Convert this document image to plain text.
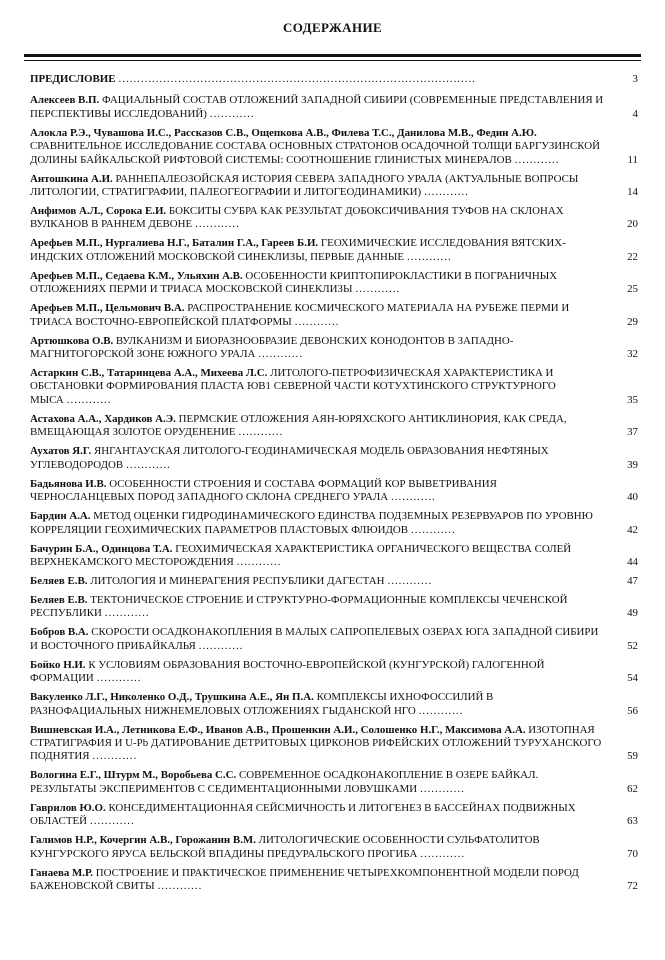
СОДЕРЖАНИЕ
ПРЕДИСЛОВИЕ ................................................................................................	3
Алексеев В.П. ФАЦИАЛЬНЫЙ СОСТАВ ОТЛОЖЕНИЙ ЗАПАДНОЙ СИБИРИ (СОВРЕМЕННЫЕ ПРЕДСТАВЛЕНИЯ И ПЕРСПЕКТИВЫ ИССЛЕДОВАНИЙ) ............	4
Алокла Р.Э., Чувашова И.С., Рассказов С.В., Ощепкова А.В., Филева Т.С., Данилова М.В., Федин А.Ю. СРАВНИТЕЛЬНОЕ ИССЛЕДОВАНИЕ СОСТАВА ОСНОВНЫХ СТРАТОНОВ ОСАДОЧНОЙ ТОЛЩИ БАРГУЗИНСКОЙ ДОЛИНЫ БАЙКАЛЬСКОЙ РИФТОВОЙ СИСТЕМЫ: СООТНОШЕНИЕ ГЛИНИСТЫХ МИНЕРАЛОВ ............	11
Антошкина А.И. РАННЕПАЛЕОЗОЙСКАЯ ИСТОРИЯ СЕВЕРА ЗАПАДНОГО УРАЛА (АКТУАЛЬНЫЕ ВОПРОСЫ ЛИТОЛОГИИ, СТРАТИГРАФИИ, ПАЛЕОГЕОГРАФИИ И ЛИТОГЕОДИНАМИКИ) ............	14
Анфимов А.Л., Сорока Е.И. БОКСИТЫ СУБРА КАК РЕЗУЛЬТАТ ДОБОКСИЧИВАНИЯ ТУФОВ НА СКЛОНАХ ВУЛКАНОВ В РАННЕМ ДЕВОНЕ ............	20
Арефьев М.П., Нургалиева Н.Г., Баталин Г.А., Гареев Б.И. ГЕОХИМИЧЕСКИЕ ИССЛЕДОВАНИЯ ВЯТСКИХ-ИНДСКИХ ОТЛОЖЕНИЙ МОСКОВСКОЙ СИНЕКЛИЗЫ, ПЕРВЫЕ ДАННЫЕ ............	22
Арефьев М.П., Седаева К.М., Ульяхин А.В. ОСОБЕННОСТИ КРИПТОПИРОКЛАСТИКИ В ПОГРАНИЧНЫХ ОТЛОЖЕНИЯХ ПЕРМИ И ТРИАСА МОСКОВСКОЙ СИНЕКЛИЗЫ ............	25
Арефьев М.П., Цельмович В.А. РАСПРОСТРАНЕНИЕ КОСМИЧЕСКОГО МАТЕРИАЛА НА РУБЕЖЕ ПЕРМИ И ТРИАСА ВОСТОЧНО-ЕВРОПЕЙСКОЙ ПЛАТФОРМЫ ............	29
Артюшкова О.В. ВУЛКАНИЗМ И БИОРАЗНООБРАЗИЕ ДЕВОНСКИХ КОНОДОНТОВ В ЗАПАДНО-МАГНИТОГОРСКОЙ ЗОНЕ ЮЖНОГО УРАЛА ............	32
Астаркин С.В., Татаринцева А.А., Михеева Л.С. ЛИТОЛОГО-ПЕТРОФИЗИЧЕСКАЯ ХАРАКТЕРИСТИКА И ОБСТАНОВКИ ФОРМИРОВАНИЯ ПЛАСТА ЮВ1 СЕВЕРНОЙ ЧАСТИ КОТУХТИНСКОГО СТРУКТУРНОГО МЫСА ............	35
Астахова А.А., Хардиков А.Э. ПЕРМСКИЕ ОТЛОЖЕНИЯ АЯН-ЮРЯХСКОГО АНТИКЛИНОРИЯ, КАК СРЕДА, ВМЕЩАЮЩАЯ ЗОЛОТОЕ ОРУДЕНЕНИЕ ............	37
Аухатов Я.Г. ЯНГАНТАУСКАЯ ЛИТОЛОГО-ГЕОДИНАМИЧЕСКАЯ МОДЕЛЬ ОБРАЗОВАНИЯ НЕФТЯНЫХ УГЛЕВОДОРОДОВ ............	39
Бадьянова И.В. ОСОБЕННОСТИ СТРОЕНИЯ И СОСТАВА ФОРМАЦИЙ КОР ВЫВЕТРИВАНИЯ ЧЕРНОСЛАНЦЕВЫХ ПОРОД ЗАПАДНОГО СКЛОНА СРЕДНЕГО УРАЛА ............	40
Бардин А.А. МЕТОД ОЦЕНКИ ГИДРОДИНАМИЧЕСКОГО ЕДИНСТВА ПОДЗЕМНЫХ РЕЗЕРВУАРОВ ПО УРОВНЮ КОРРЕЛЯЦИИ ГЕОХИМИЧЕСКИХ ПАРАМЕТРОВ ПЛАСТОВЫХ ФЛЮИДОВ ............	42
Бачурин Б.А., Одинцова Т.А. ГЕОХИМИЧЕСКАЯ ХАРАКТЕРИСТИКА ОРГАНИЧЕСКОГО ВЕЩЕСТВА СОЛЕЙ ВЕРХНЕКАМСКОГО МЕСТОРОЖДЕНИЯ ............	44
Беляев Е.В. ЛИТОЛОГИЯ И МИНЕРАГЕНИЯ РЕСПУБЛИКИ ДАГЕСТАН ............	47
Беляев Е.В. ТЕКТОНИЧЕСКОЕ СТРОЕНИЕ И СТРУКТУРНО-ФОРМАЦИОННЫЕ КОМПЛЕКСЫ ЧЕЧЕНСКОЙ РЕСПУБЛИКИ ............	49
Бобров В.А. СКОРОСТИ ОСАДКОНАКОПЛЕНИЯ В МАЛЫХ САПРОПЕЛЕВЫХ ОЗЕРАХ ЮГА ЗАПАДНОЙ СИБИРИ И ВОСТОЧНОГО ПРИБАЙКАЛЬЯ ............	52
Бойко Н.И. К УСЛОВИЯМ ОБРАЗОВАНИЯ ВОСТОЧНО-ЕВРОПЕЙСКОЙ (КУНГУРСКОЙ) ГАЛОГЕННОЙ ФОРМАЦИИ ............	54
Вакуленко Л.Г., Николенко О.Д., Трушкина А.Е., Ян П.А. КОМПЛЕКСЫ ИХНОФОССИЛИЙ В РАЗНОФАЦИАЛЬНЫХ НИЖНЕМЕЛОВЫХ ОТЛОЖЕНИЯХ ГЫДАНСКОЙ НГО ............	56
Вишневская И.А., Летникова Е.Ф., Иванов А.В., Прошенкин А.И., Солошенко Н.Г., Максимова А.А. ИЗОТОПНАЯ СТРАТИГРАФИЯ И U-Pb ДАТИРОВАНИЕ ДЕТРИТОВЫХ ЦИРКОНОВ РИФЕЙСКИХ ОТЛОЖЕНИЙ ТУРУХАНСКОГО ПОДНЯТИЯ ............	59
Вологина Е.Г., Штурм М., Воробьева С.С. СОВРЕМЕННОЕ ОСАДКОНАКОПЛЕНИЕ В ОЗЕРЕ БАЙКАЛ. РЕЗУЛЬТАТЫ ЭКСПЕРИМЕНТОВ С СЕДИМЕНТАЦИОННЫМИ ЛОВУШКАМИ ............	62
Гаврилов Ю.О. КОНСЕДИМЕНТАЦИОННАЯ СЕЙСМИЧНОСТЬ И ЛИТОГЕНЕЗ В БАССЕЙНАХ ПОДВИЖНЫХ ОБЛАСТЕЙ ............	63
Галимов Н.Р., Кочергин А.В., Горожанин В.М. ЛИТОЛОГИЧЕСКИЕ ОСОБЕННОСТИ СУЛЬФАТОЛИТОВ КУНГУРСКОГО ЯРУСА БЕЛЬСКОЙ ВПАДИНЫ ПРЕДУРАЛЬСКОГО ПРОГИБА ............	70
Ганаева М.Р. ПОСТРОЕНИЕ И ПРАКТИЧЕСКОЕ ПРИМЕНЕНИЕ ЧЕТЫРЕХКОМПОНЕНТНОЙ МОДЕЛИ ПОРОД БАЖЕНОВСКОЙ СВИТЫ ............	72
